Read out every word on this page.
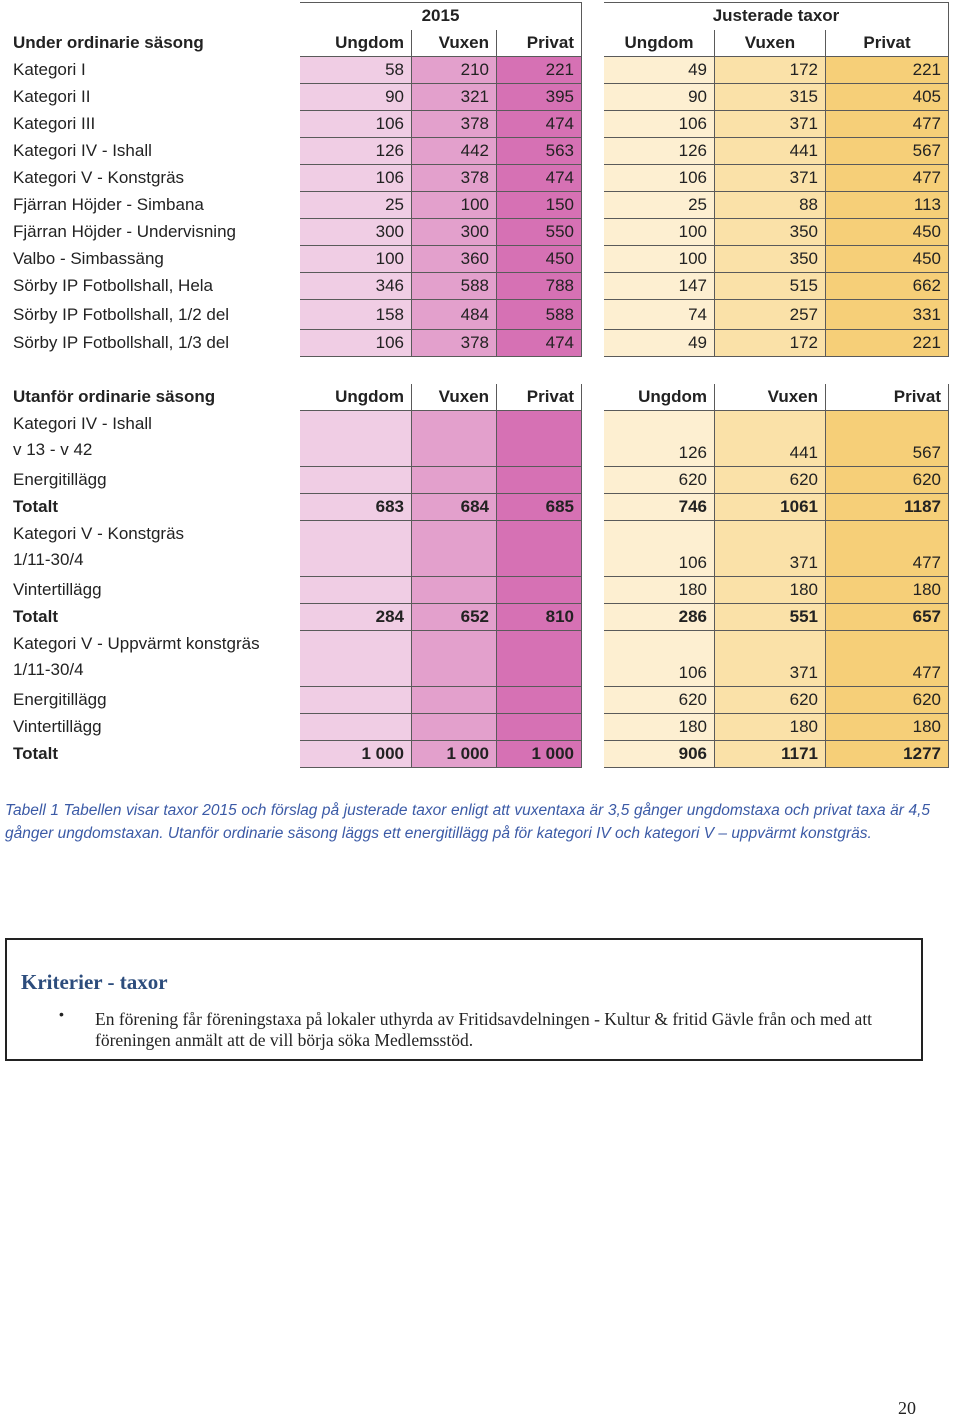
	2015				Justerade taxor		
Under ordinarie säsong	Ungdom	Vuxen	Privat		Ungdom	Vuxen	Privat
Kategori I	58	210	221		49	172	221
Kategori II	90	321	395		90	315	405
Kategori III	106	378	474		106	371	477
Kategori IV - Ishall	126	442	563		126	441	567
Kategori V - Konstgräs	106	378	474		106	371	477
Fjärran Höjder - Simbana	25	100	150		25	88	113
Fjärran Höjder - Undervisning	300	300	550		100	350	450
Valbo - Simbassäng	100	360	450		100	350	450
Sörby IP Fotbollshall, Hela	346	588	788		147	515	662
Sörby IP Fotbollshall, 1/2 del	158	484	588		74	257	331
Sörby IP Fotbollshall, 1/3 del	106	378	474		49	172	221

Utanför ordinarie säsong	Ungdom	Vuxen	Privat		Ungdom	Vuxen	Privat

Kategori IV - Ishall
v 13 - v 42					126	441	567
Energitillägg					620	620	620
Totalt	683	684	685		746	1061	1187

Kategori V - Konstgräs
1/11-30/4					106	371	477
Vintertillägg					180	180	180
Totalt	284	652	810		286	551	657

Kategori V - Uppvärmt konstgräs
1/11-30/4					106	371	477
Energitillägg					620	620	620
Vintertillägg					180	180	180
Totalt	1 000	1 000	1 000		906	1171	1277
Tabell 1 Tabellen visar taxor 2015 och förslag på justerade taxor enligt att vuxentaxa är 3,5 gånger ungdomstaxa och privat taxa är 4,5 gånger ungdomstaxan. Utanför ordinarie säsong läggs ett energitillägg på för kategori IV och kategori V – uppvärmt konstgräs.
Kriterier - taxor
•	En förening får föreningstaxa på lokaler uthyrda av Fritidsavdelningen - Kultur & fritid Gävle från och med att föreningen anmält att de vill börja söka Medlemsstöd.
20
